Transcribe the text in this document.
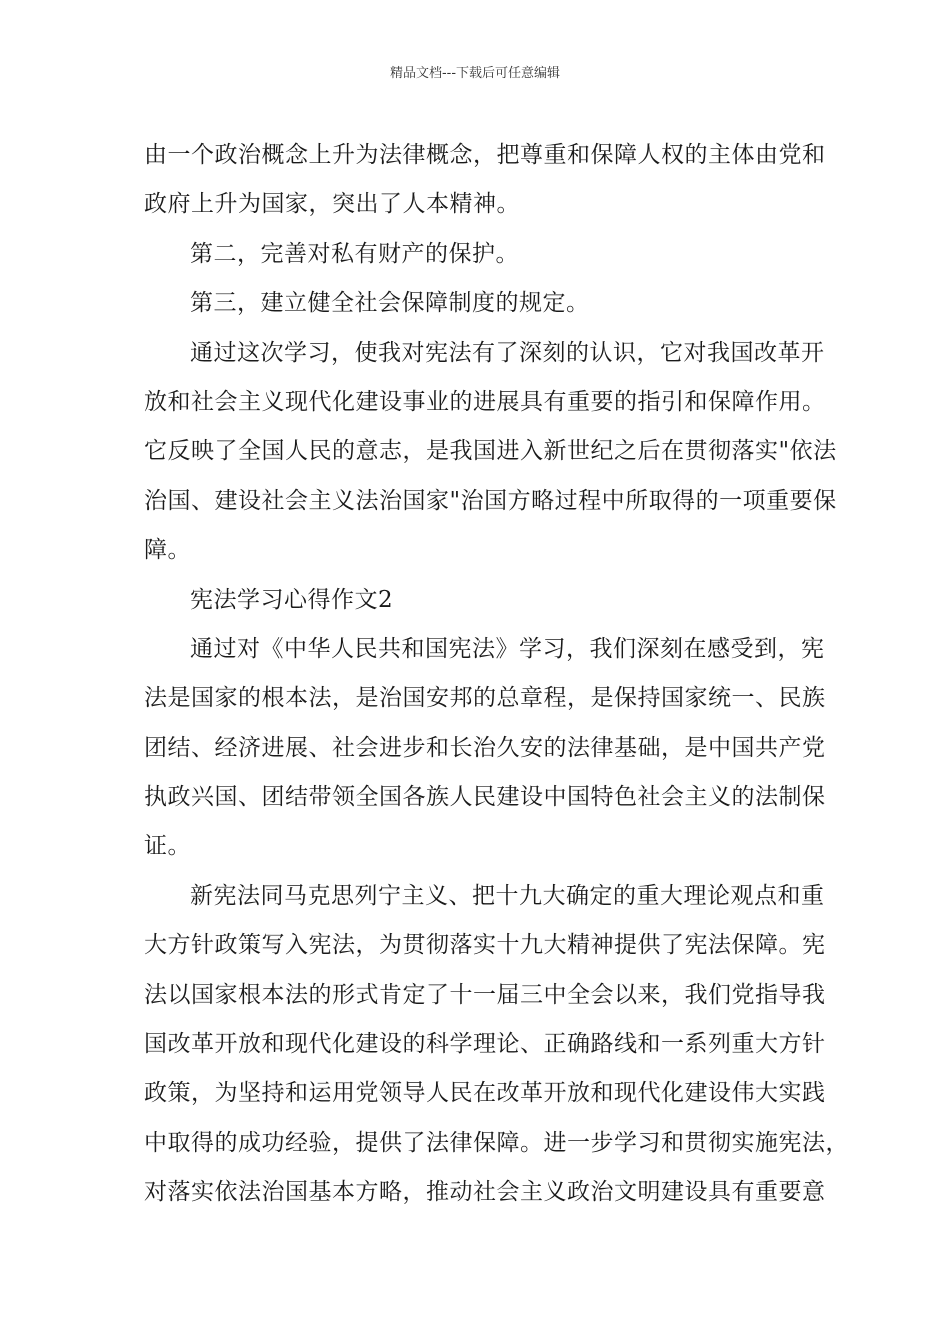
精品文档---下载后可任意编辑
由一个政治概念上升为法律概念，把尊重和保障人权的主体由党和
政府上升为国家，突出了人本精神。
第二，完善对私有财产的保护。
第三，建立健全社会保障制度的规定。
通过这次学习，使我对宪法有了深刻的认识，它对我国改革开
放和社会主义现代化建设事业的进展具有重要的指引和保障作用。
它反映了全国人民的意志，是我国进入新世纪之后在贯彻落实"依法
治国、建设社会主义法治国家"治国方略过程中所取得的一项重要保
障。
宪法学习心得作文2
通过对《中华人民共和国宪法》学习，我们深刻在感受到，宪
法是国家的根本法，是治国安邦的总章程，是保持国家统一、民族
团结、经济进展、社会进步和长治久安的法律基础，是中国共产党
执政兴国、团结带领全国各族人民建设中国特色社会主义的法制保
证。
新宪法同马克思列宁主义、把十九大确定的重大理论观点和重
大方针政策写入宪法，为贯彻落实十九大精神提供了宪法保障。宪
法以国家根本法的形式肯定了十一届三中全会以来，我们党指导我
国改革开放和现代化建设的科学理论、正确路线和一系列重大方针
政策，为坚持和运用党领导人民在改革开放和现代化建设伟大实践
中取得的成功经验，提供了法律保障。进一步学习和贯彻实施宪法，
对落实依法治国基本方略，推动社会主义政治文明建设具有重要意
